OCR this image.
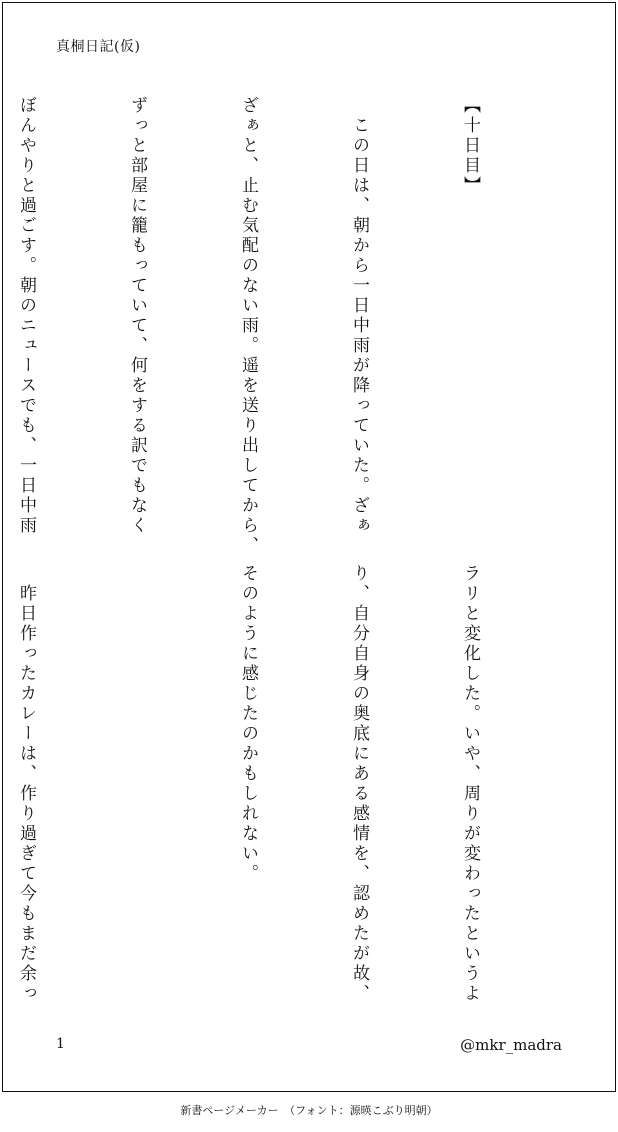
真桐日記(仮)

【十日目】

　この日は、朝から一日中雨が降っていた。ざぁ

ざぁと、止む気配のない雨。遥を送り出してから、

ずっと部屋に籠もっていて、何をする訳でもなく

ぼんやりと過ごす。朝のニュースでも、一日中雨

ラリと変化した。いや、周りが変わったというよ

り、自分自身の奥底にある感情を、認めたが故、

そのように感じたのかもしれない。

　昨日作ったカレーは、作り過ぎて今もまだ余っ

1	@mkr_madra
新書ページメーカー　（フォント：源暎こぶり明朝）
